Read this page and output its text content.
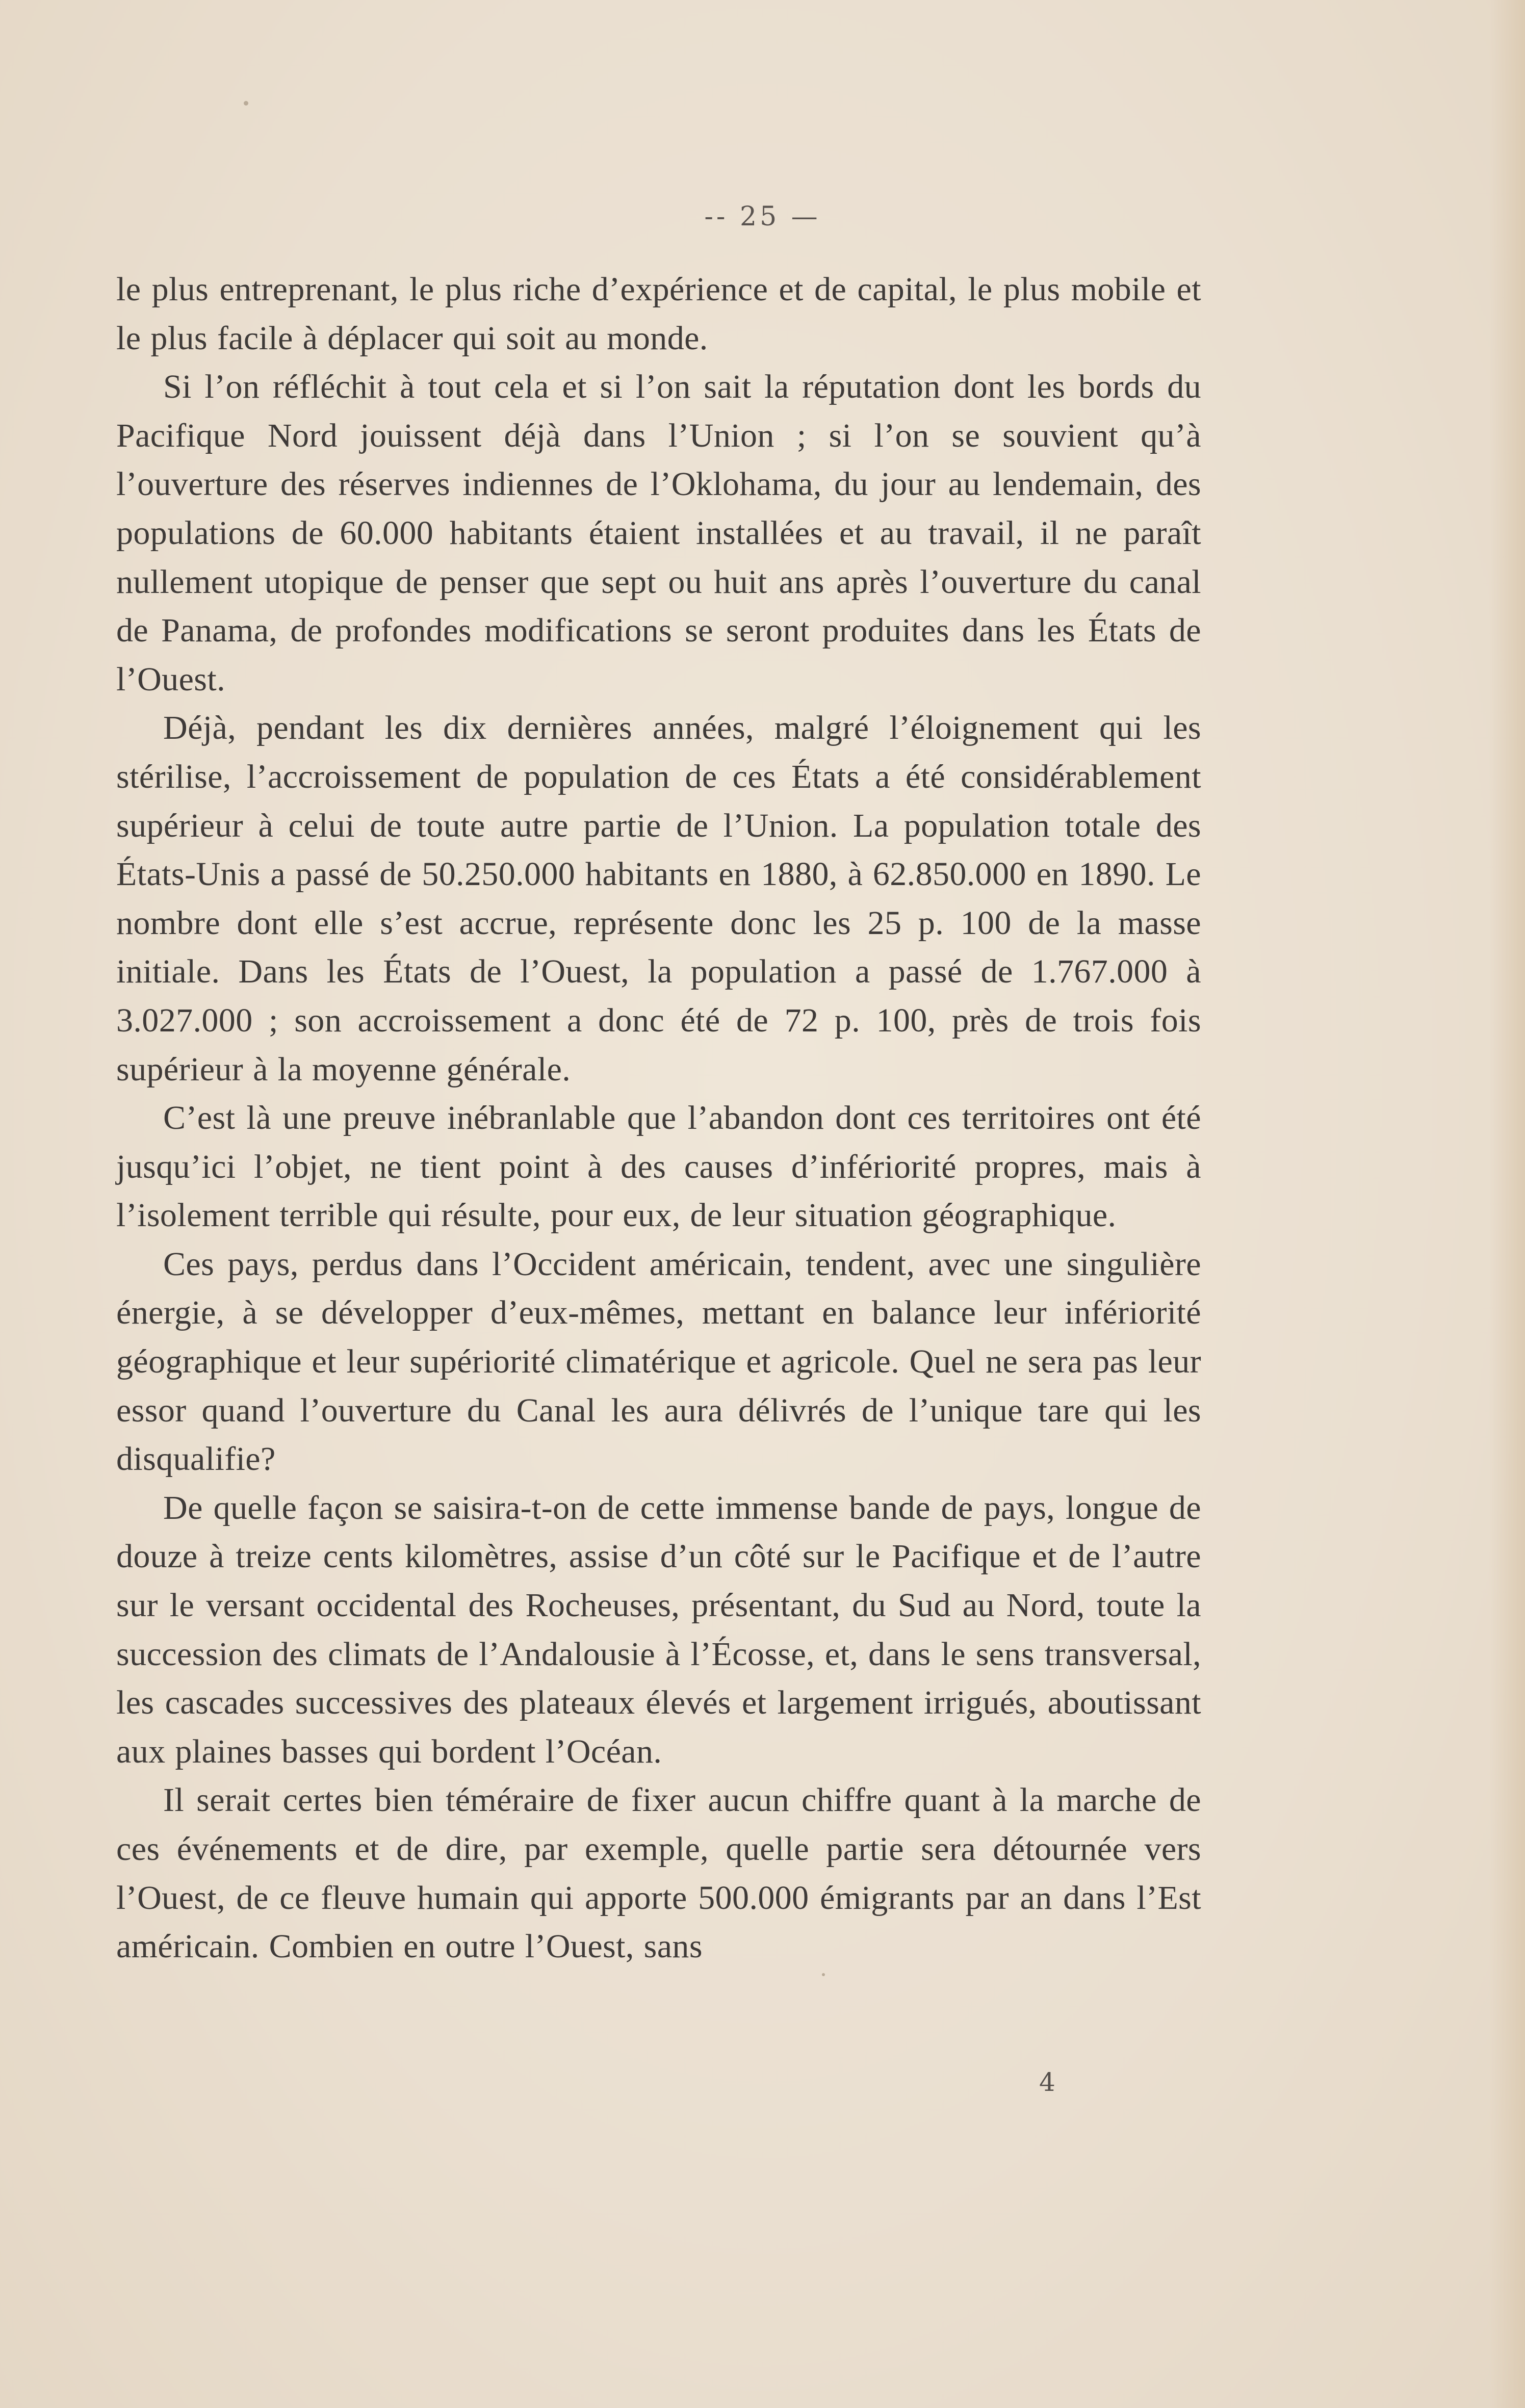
-- 25 —

le plus entreprenant, le plus riche d’expérience et de capital, le plus mobile et le plus facile à déplacer qui soit au monde.

Si l’on réfléchit à tout cela et si l’on sait la réputation dont les bords du Pacifique Nord jouissent déjà dans l’Union ; si l’on se souvient qu’à l’ouverture des réserves indiennes de l’Oklohama, du jour au lendemain, des populations de 60.000 habitants étaient installées et au travail, il ne paraît nullement utopique de penser que sept ou huit ans après l’ouverture du canal de Panama, de profondes modifications se seront produites dans les États de l’Ouest.

Déjà, pendant les dix dernières années, malgré l’éloignement qui les stérilise, l’accroissement de population de ces États a été considérablement supérieur à celui de toute autre partie de l’Union. La population totale des États-Unis a passé de 50.250.000 habitants en 1880, à 62.850.000 en 1890. Le nombre dont elle s’est accrue, représente donc les 25 p. 100 de la masse initiale. Dans les États de l’Ouest, la population a passé de 1.767.000 à 3.027.000 ; son accroissement a donc été de 72 p. 100, près de trois fois supérieur à la moyenne générale.

C’est là une preuve inébranlable que l’abandon dont ces territoires ont été jusqu’ici l’objet, ne tient point à des causes d’infériorité propres, mais à l’isolement terrible qui résulte, pour eux, de leur situation géographique.

Ces pays, perdus dans l’Occident américain, tendent, avec une singulière énergie, à se développer d’eux-mêmes, mettant en balance leur infériorité géographique et leur supériorité climatérique et agricole. Quel ne sera pas leur essor quand l’ouverture du Canal les aura délivrés de l’unique tare qui les disqualifie?

De quelle façon se saisira-t-on de cette immense bande de pays, longue de douze à treize cents kilomètres, assise d’un côté sur le Pacifique et de l’autre sur le versant occidental des Rocheuses, présentant, du Sud au Nord, toute la succession des climats de l’Andalousie à l’Écosse, et, dans le sens transversal, les cascades successives des plateaux élevés et largement irrigués, aboutissant aux plaines basses qui bordent l’Océan.

Il serait certes bien téméraire de fixer aucun chiffre quant à la marche de ces événements et de dire, par exemple, quelle partie sera détournée vers l’Ouest, de ce fleuve humain qui apporte 500.000 émigrants par an dans l’Est américain. Combien en outre l’Ouest, sans

4
